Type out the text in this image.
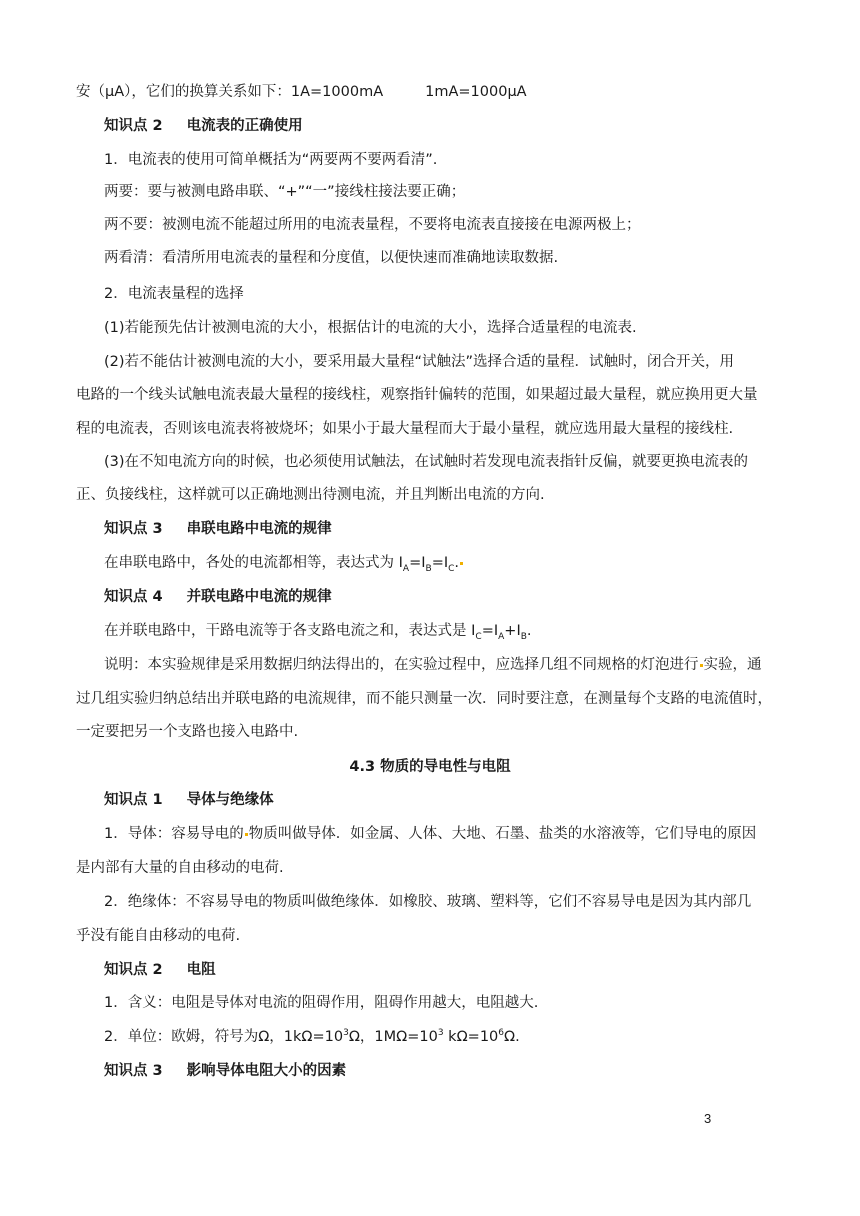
安（μA），它们的换算关系如下：1A=1000mA	1mA=1000μA
知识点 2 电流表的正确使用
1．电流表的使用可简单概括为“两要两不要两看清”.
两要：要与被测电路串联、“+”“一”接线柱接法要正确；
两不要：被测电流不能超过所用的电流表量程，不要将电流表直接接在电源两极上；
两看清：看清所用电流表的量程和分度值，以便快速而准确地读取数据.
2．电流表量程的选择
(1)若能预先估计被测电流的大小，根据估计的电流的大小，选择合适量程的电流表.
(2)若不能估计被测电流的大小，要采用最大量程“试触法”选择合适的量程．试触时，闭合开关，用
电路的一个线头试触电流表最大量程的接线柱，观察指针偏转的范围，如果超过最大量程，就应换用更大量
程的电流表，否则该电流表将被烧坏；如果小于最大量程而大于最小量程，就应选用最大量程的接线柱.
(3)在不知电流方向的时候，也必须使用试触法，在试触时若发现电流表指针反偏，就要更换电流表的
正、负接线柱，这样就可以正确地测出待测电流，并且判断出电流的方向.
知识点 3 串联电路中电流的规律
在串联电路中，各处的电流都相等，表达式为 $I_A=I_B=I_C$.
知识点 4 并联电路中电流的规律
在并联电路中，干路电流等于各支路电流之和，表达式是 $I_C=I_A+I_B$.
说明：本实验规律是采用数据归纳法得出的，在实验过程中，应选择几组不同规格的灯泡进行 实验，通
过几组实验归纳总结出并联电路的电流规律，而不能只测量一次．同时要注意，在测量每个支路的电流值时，
一定要把另一个支路也接入电路中.
4.3 物质的导电性与电阻
知识点 1 导体与绝缘体
1．导体：容易导电的 物质叫做导体．如金属、人体、大地、石墨、盐类的水溶液等，它们导电的原因
是内部有大量的自由移动的电荷.
2．绝缘体：不容易导电的物质叫做绝缘体．如橡胶、玻璃、塑料等，它们不容易导电是因为其内部几
乎没有能自由移动的电荷.
知识点 2 电阻
1．含义：电阻是导体对电流的阻碍作用，阻碍作用越大，电阻越大.
2．单位：欧姆，符号为Ω，$1k\Omega=10^3\Omega$，$1M\Omega=10^3$ $k\Omega=10^6\Omega$.
知识点 3 影响导体电阻大小的因素
3
